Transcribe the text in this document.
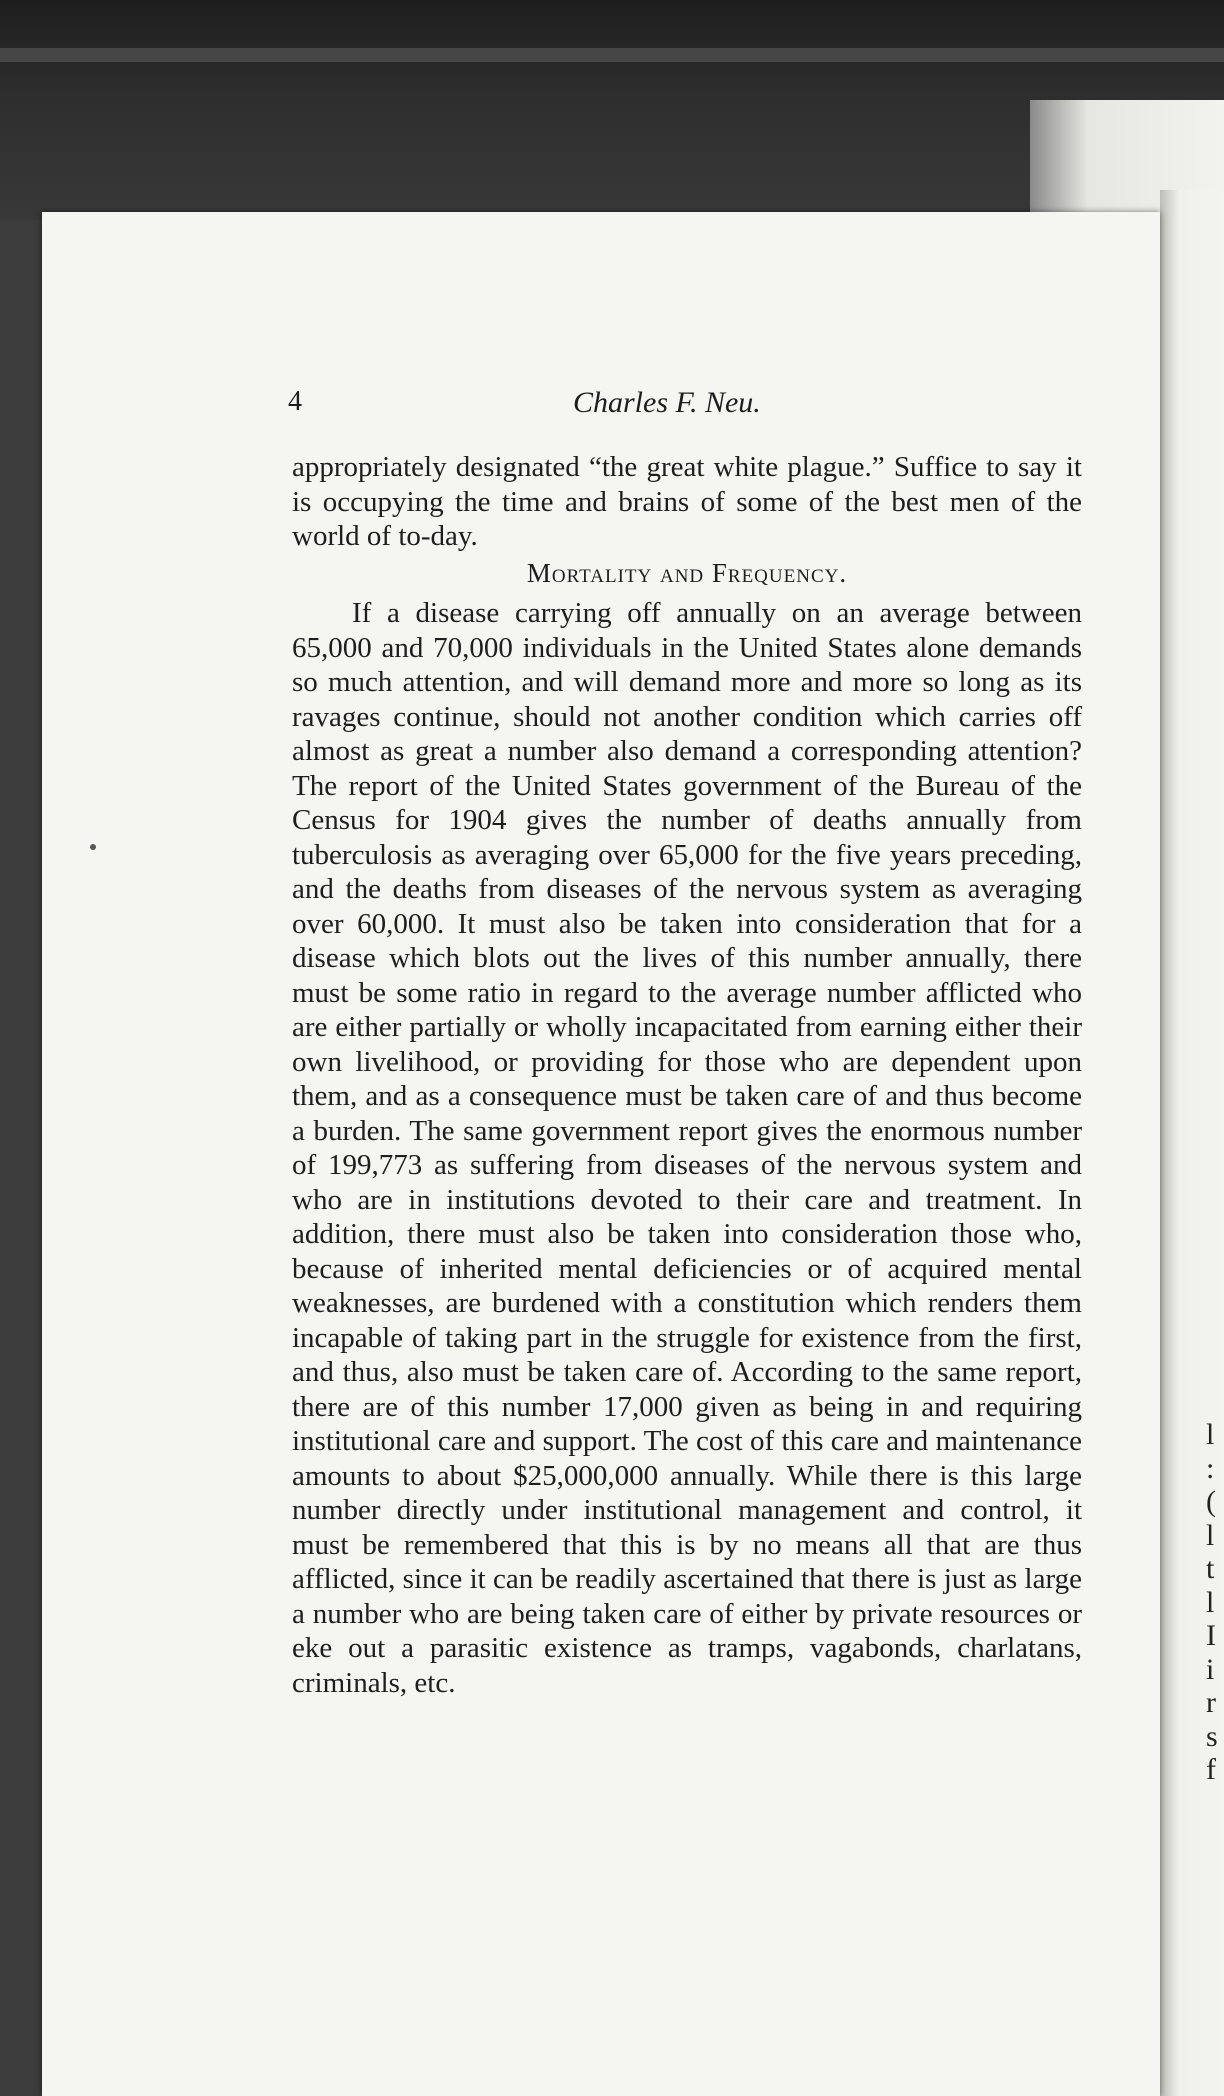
l
:
(
l
t
l
I
i
r
s
f
4	Charles F. Neu.

appropriately designated “the great white plague.” Suffice to say it is occupying the time and brains of some of the best men of the world of to-day.

Mortality and Frequency.

If a disease carrying off annually on an average between 65,000 and 70,000 individuals in the United States alone demands so much attention, and will demand more and more so long as its ravages continue, should not another condition which carries off almost as great a number also demand a corresponding attention? The report of the United States government of the Bureau of the Census for 1904 gives the number of deaths annually from tuberculosis as averaging over 65,000 for the five years preceding, and the deaths from diseases of the nervous system as averaging over 60,000. It must also be taken into consideration that for a disease which blots out the lives of this number annually, there must be some ratio in regard to the average number afflicted who are either partially or wholly incapacitated from earning either their own livelihood, or providing for those who are dependent upon them, and as a consequence must be taken care of and thus become a burden. The same government report gives the enormous number of 199,773 as suffering from diseases of the nervous system and who are in institutions devoted to their care and treatment. In addition, there must also be taken into consideration those who, because of inherited mental deficiencies or of acquired mental weaknesses, are burdened with a constitution which renders them incapable of taking part in the struggle for existence from the first, and thus, also must be taken care of. According to the same report, there are of this number 17,000 given as being in and requiring institutional care and support. The cost of this care and maintenance amounts to about $25,000,000 annually. While there is this large number directly under institutional management and control, it must be remembered that this is by no means all that are thus afflicted, since it can be readily ascertained that there is just as large a number who are being taken care of either by private resources or eke out a parasitic existence as tramps, vagabonds, charlatans, criminals, etc.
